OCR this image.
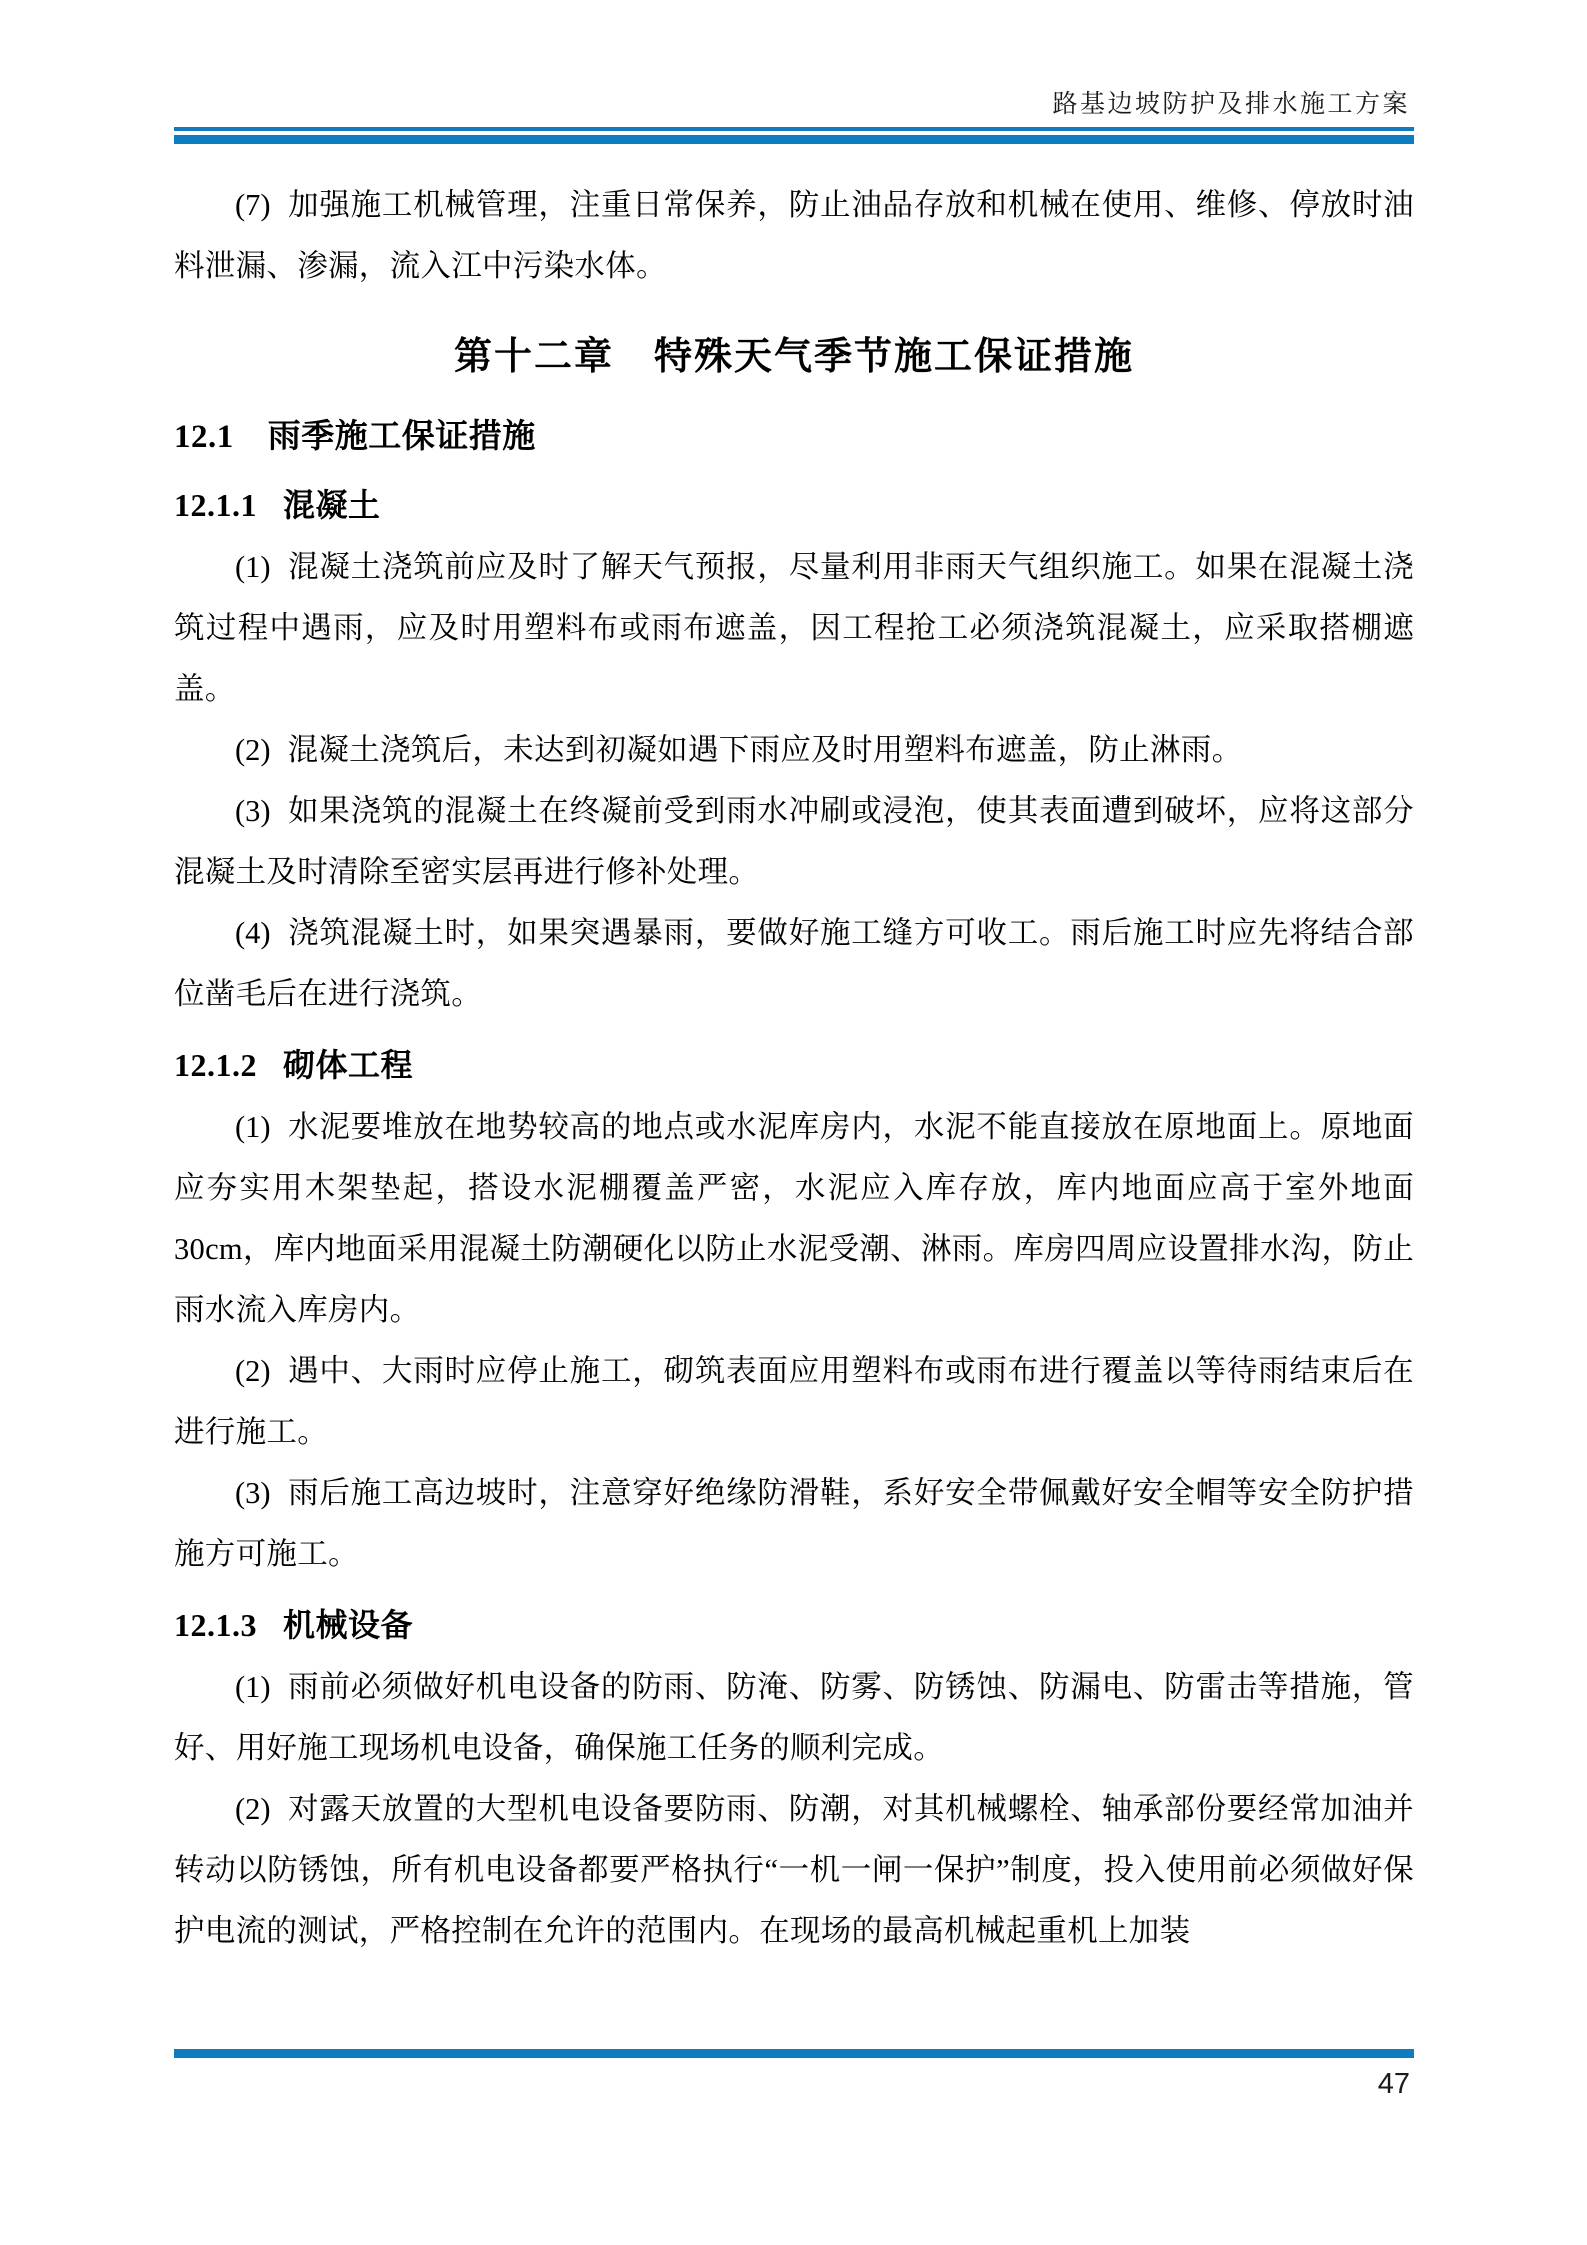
路基边坡防护及排水施工方案

(7) 加强施工机械管理，注重日常保养，防止油品存放和机械在使用、维修、停放时油料泄漏、渗漏，流入江中污染水体。

第十二章 特殊天气季节施工保证措施
12.1 雨季施工保证措施
12.1.1 混凝土

(1) 混凝土浇筑前应及时了解天气预报，尽量利用非雨天气组织施工。如果在混凝土浇筑过程中遇雨，应及时用塑料布或雨布遮盖，因工程抢工必须浇筑混凝土，应采取搭棚遮盖。

(2) 混凝土浇筑后，未达到初凝如遇下雨应及时用塑料布遮盖，防止淋雨。

(3) 如果浇筑的混凝土在终凝前受到雨水冲刷或浸泡，使其表面遭到破坏，应将这部分混凝土及时清除至密实层再进行修补处理。

(4) 浇筑混凝土时，如果突遇暴雨，要做好施工缝方可收工。雨后施工时应先将结合部位凿毛后在进行浇筑。

12.1.2 砌体工程

(1) 水泥要堆放在地势较高的地点或水泥库房内，水泥不能直接放在原地面上。原地面应夯实用木架垫起，搭设水泥棚覆盖严密，水泥应入库存放，库内地面应高于室外地面 30cm，库内地面采用混凝土防潮硬化以防止水泥受潮、淋雨。库房四周应设置排水沟，防止雨水流入库房内。

(2) 遇中、大雨时应停止施工，砌筑表面应用塑料布或雨布进行覆盖以等待雨结束后在进行施工。

(3) 雨后施工高边坡时，注意穿好绝缘防滑鞋，系好安全带佩戴好安全帽等安全防护措施方可施工。

12.1.3 机械设备

(1) 雨前必须做好机电设备的防雨、防淹、防雾、防锈蚀、防漏电、防雷击等措施，管好、用好施工现场机电设备，确保施工任务的顺利完成。

(2) 对露天放置的大型机电设备要防雨、防潮，对其机械螺栓、轴承部份要经常加油并转动以防锈蚀，所有机电设备都要严格执行“一机一闸一保护”制度，投入使用前必须做好保护电流的测试，严格控制在允许的范围内。在现场的最高机械起重机上加装

47
